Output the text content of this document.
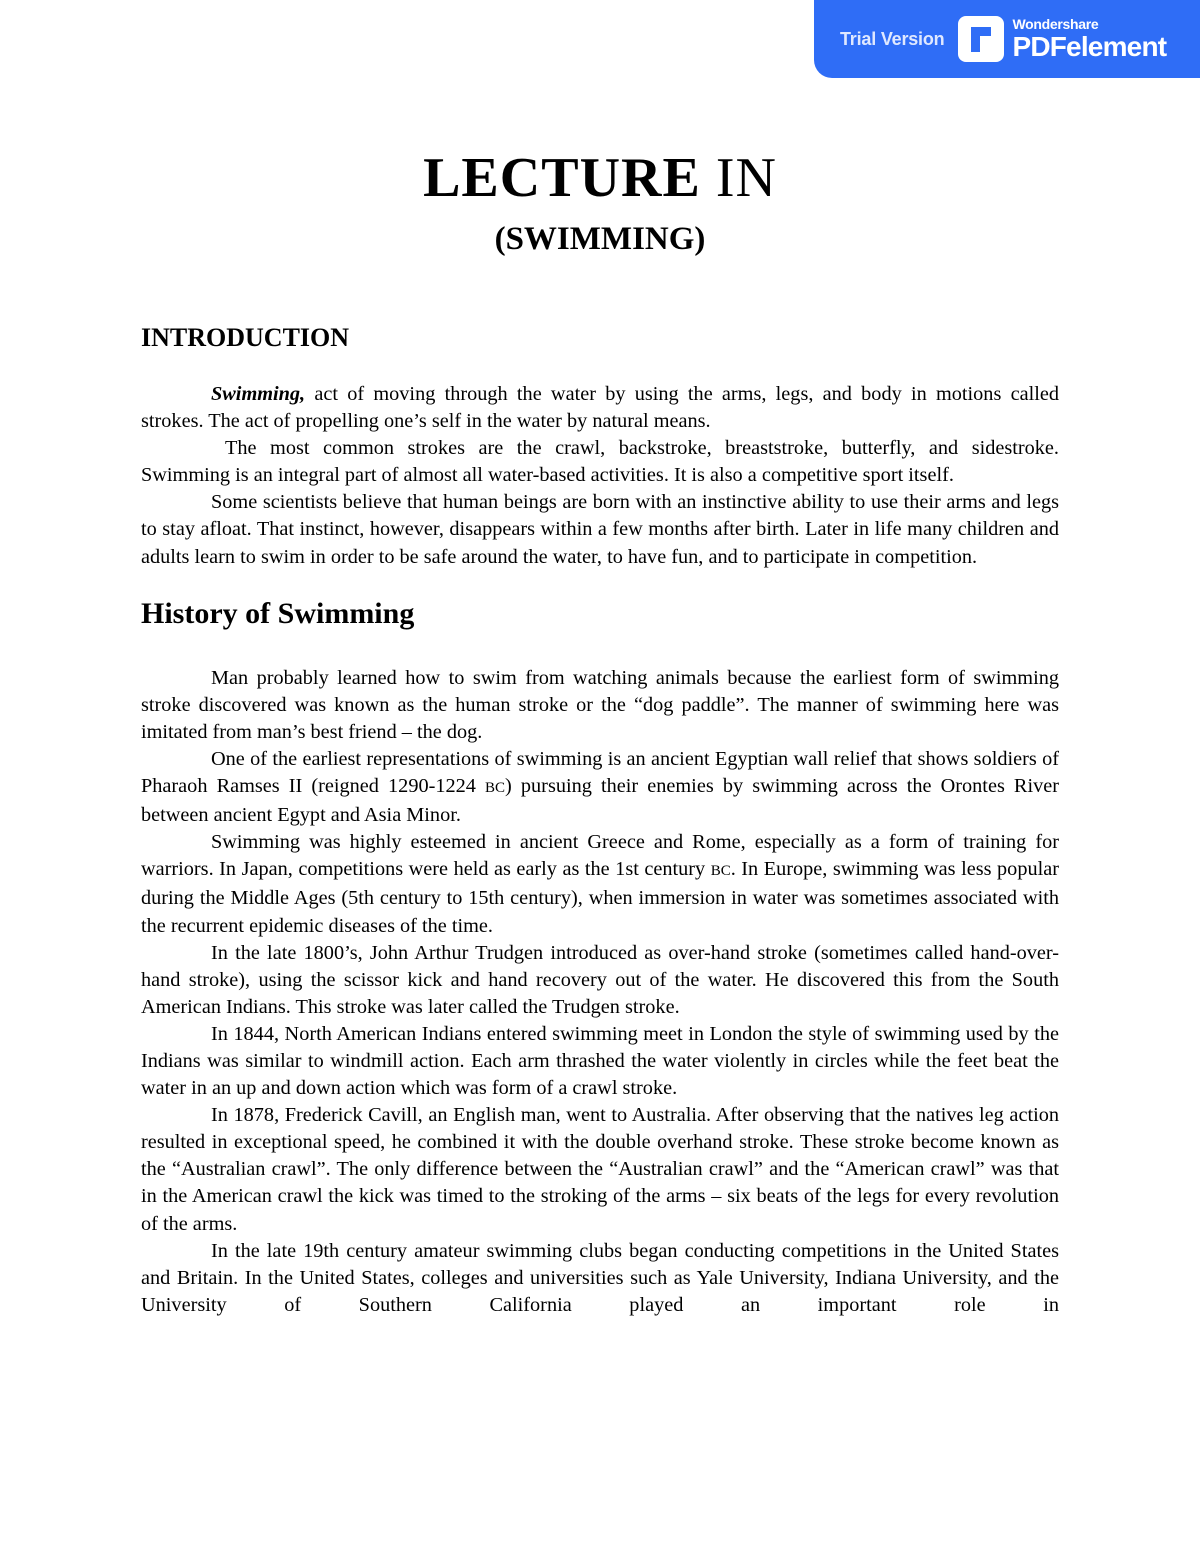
Trial Version
Wondershare
PDFelement
LECTURE IN

(SWIMMING)

INTRODUCTION

Swimming, act of moving through the water by using the arms, legs, and body in motions called strokes. The act of propelling one’s self in the water by natural means.

The most common strokes are the crawl, backstroke, breaststroke, butterfly, and sidestroke. Swimming is an integral part of almost all water-based activities. It is also a competitive sport itself.

Some scientists believe that human beings are born with an instinctive ability to use their arms and legs to stay afloat. That instinct, however, disappears within a few months after birth. Later in life many children and adults learn to swim in order to be safe around the water, to have fun, and to participate in competition.

History of Swimming

Man probably learned how to swim from watching animals because the earliest form of swimming stroke discovered was known as the human stroke or the “dog paddle”. The manner of swimming here was imitated from man’s best friend – the dog.

One of the earliest representations of swimming is an ancient Egyptian wall relief that shows soldiers of Pharaoh Ramses II (reigned 1290-1224 BC) pursuing their enemies by swimming across the Orontes River between ancient Egypt and Asia Minor.

Swimming was highly esteemed in ancient Greece and Rome, especially as a form of training for warriors. In Japan, competitions were held as early as the 1st century BC. In Europe, swimming was less popular during the Middle Ages (5th century to 15th century), when immersion in water was sometimes associated with the recurrent epidemic diseases of the time.

In the late 1800’s, John Arthur Trudgen introduced as over-hand stroke (sometimes called hand-over-hand stroke), using the scissor kick and hand recovery out of the water. He discovered this from the South American Indians. This stroke was later called the Trudgen stroke.

In 1844, North American Indians entered swimming meet in London the style of swimming used by the Indians was similar to windmill action. Each arm thrashed the water violently in circles while the feet beat the water in an up and down action which was form of a crawl stroke.

In 1878, Frederick Cavill, an English man, went to Australia. After observing that the natives leg action resulted in exceptional speed, he combined it with the double overhand stroke. These stroke become known as the “Australian crawl”. The only difference between the “Australian crawl” and the “American crawl” was that in the American crawl the kick was timed to the stroking of the arms – six beats of the legs for every revolution of the arms.

In the late 19th century amateur swimming clubs began conducting competitions in the United States and Britain. In the United States, colleges and universities such as Yale University, Indiana University, and the University of Southern California played an important role in
